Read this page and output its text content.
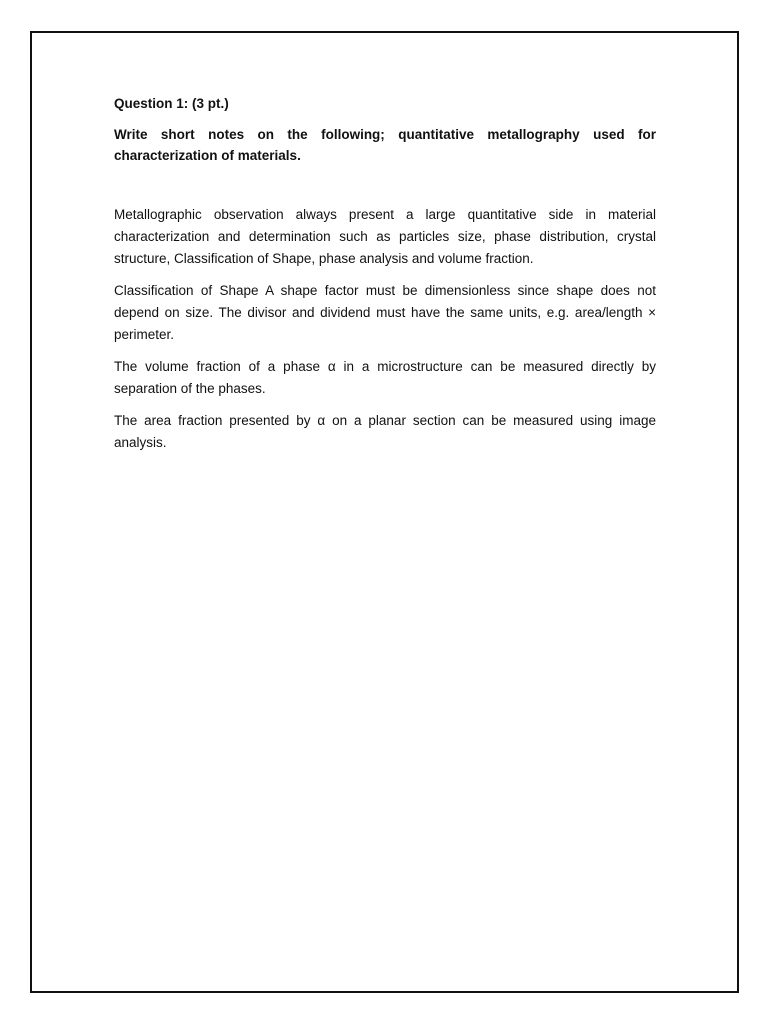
Question 1: (3 pt.)

Write short notes on the following; quantitative metallography used for characterization of materials.

Metallographic observation always present a large quantitative side in material characterization and determination such as particles size, phase distribution, crystal structure, Classification of Shape, phase analysis and volume fraction.

Classification of Shape A shape factor must be dimensionless since shape does not depend on size. The divisor and dividend must have the same units, e.g. area/length × perimeter.

The volume fraction of a phase α in a microstructure can be measured directly by separation of the phases.

The area fraction presented by α on a planar section can be measured using image analysis.
